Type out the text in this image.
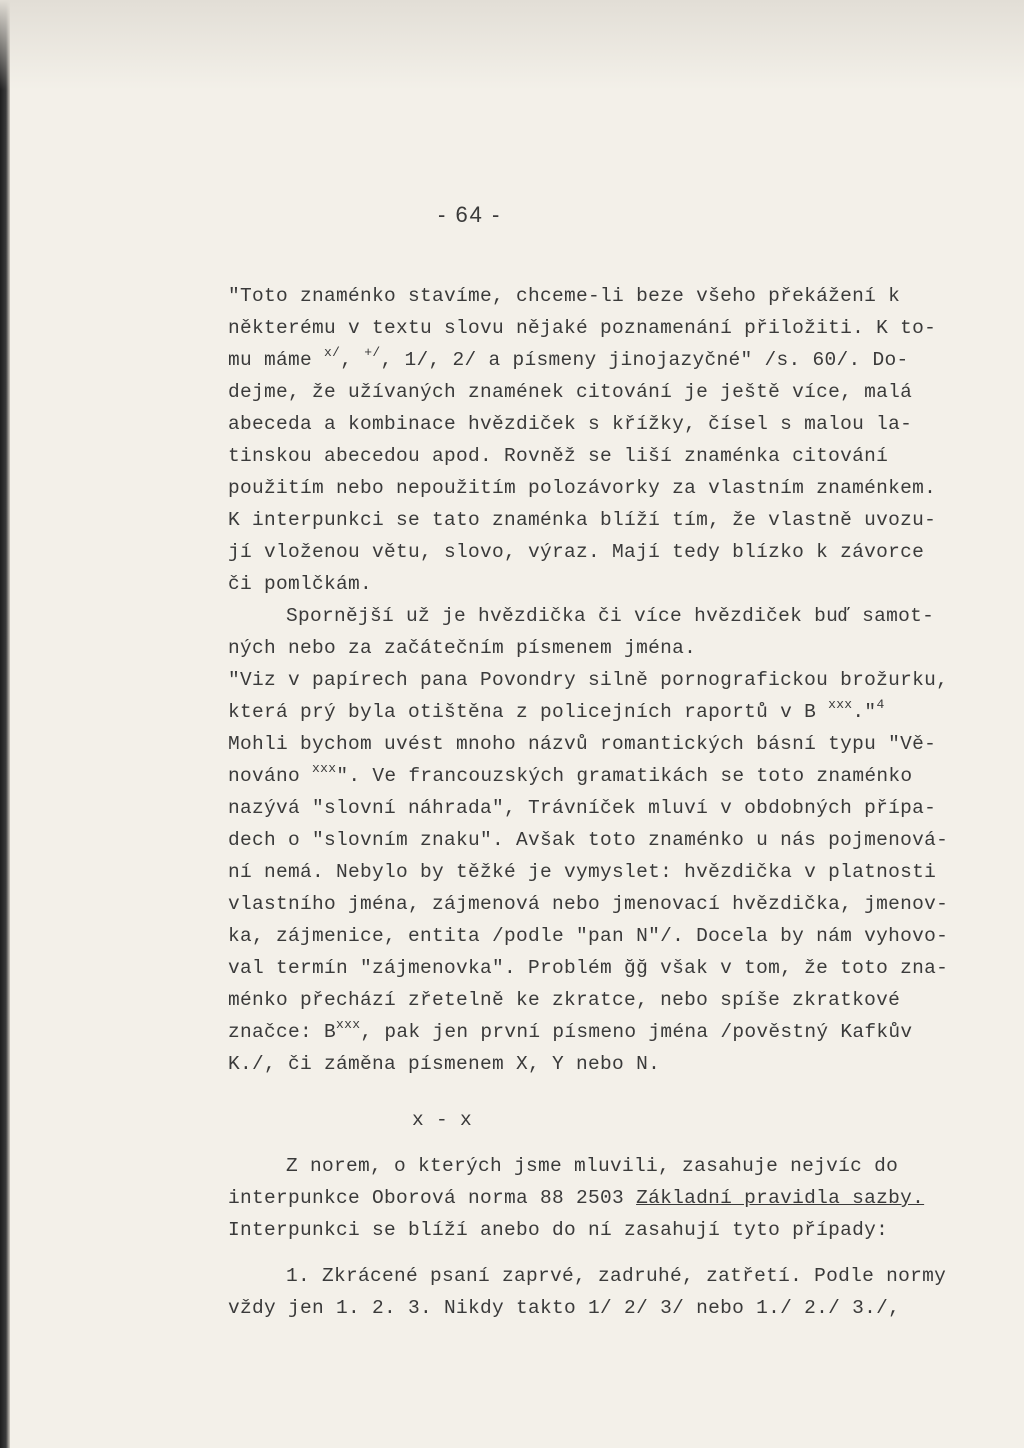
- 64 -
"Toto znaménko stavíme, chceme-li beze všeho překážení k
některému v textu slovu nějaké poznamenání přiložiti. K to-
mu máme $^{x/}$, +/, 1/, 2/ a písmeny jinojazyčné" /s. 60/. Do-
dejme, že užívaných znamének citování je ještě více, malá
abeceda a kombinace hvězdiček s křížky, čísel s malou la-
tinskou abecedou apod. Rovněž se liší znaménka citování
použitím nebo nepoužitím polozávorky za vlastním znaménkem.
K interpunkci se tato znaménka blíží tím, že vlastně uvozu-
jí vloženou větu, slovo, výraz. Mají tedy blízko k závorce
či pomlčkám.
Spornější už je hvězdička či více hvězdiček buď samot-
ných nebo za začátečním písmenem jména.
"Viz v papírech pana Povondry silně pornografickou brožurku,
která prý byla otištěna z policejních raportů v B $^{xxx}$."$^4$
Mohli bychom uvést mnoho názvů romantických básní typu "Vě-
nováno $^{xxx}$". Ve francouzských gramatikách se toto znaménko
nazývá "slovní náhrada", Trávníček mluví v obdobných přípa-
dech o "slovním znaku". Avšak toto znaménko u nás pojmenová-
ní nemá. Nebylo by těžké je vymyslet: hvězdička v platnosti
vlastního jména, zájmenová nebo jmenovací hvězdička, jmenov-
ka, zájmenice, entita /podle "pan N"/. Docela by nám vyhovo-
val termín "zájmenovka". Problém ğğ však v tom, že toto zna-
ménko přechází zřetelně ke zkratce, nebo spíše zkratkové
značce: $B^{xxx}$, pak jen první písmeno jména /pověstný Kafkův
K./, či záměna písmenem X, Y nebo N.
x - x
Z norem, o kterých jsme mluvili, zasahuje nejvíc do
interpunkce Oborová norma 88 2503 Základní pravidla sazby.
Interpunkci se blíží anebo do ní zasahují tyto případy:
1. Zkrácené psaní zaprvé, zadruhé, zatřetí. Podle normy
vždy jen 1. 2. 3. Nikdy takto 1/ 2/ 3/ nebo 1./ 2./ 3./,
